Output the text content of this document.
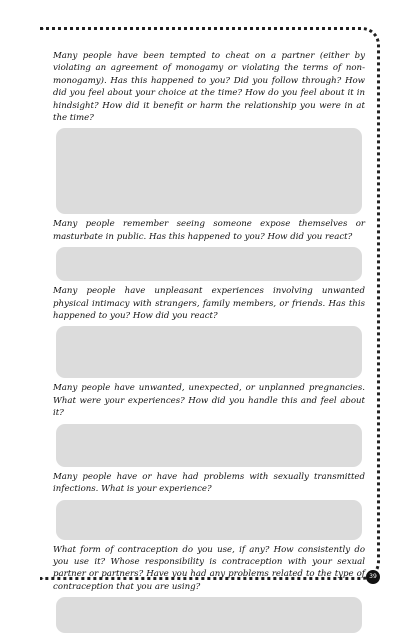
Many people have been tempted to cheat on a partner (either by violating an agreement of monogamy or violating the terms of non-monogamy). Has this happened to you? Did you follow through? How did you feel about your choice at the time? How do you feel about it in hindsight? How did it benefit or harm the relationship you were in at the time?

Many people remember seeing someone expose themselves or masturbate in public. Has this happened to you? How did you react?

Many people have unpleasant experiences involving unwanted physical intimacy with strangers, family members, or friends. Has this happened to you? How did you react?

Many people have unwanted, unexpected, or unplanned pregnancies. What were your experiences? How did you handle this and feel about it?

Many people have or have had problems with sexually transmitted infections. What is your experience?

What form of contraception do you use, if any? How consistently do you use it? Whose responsibility is contraception with your sexual partner or partners? Have you had any problems related to the type of contraception that you are using?

39
